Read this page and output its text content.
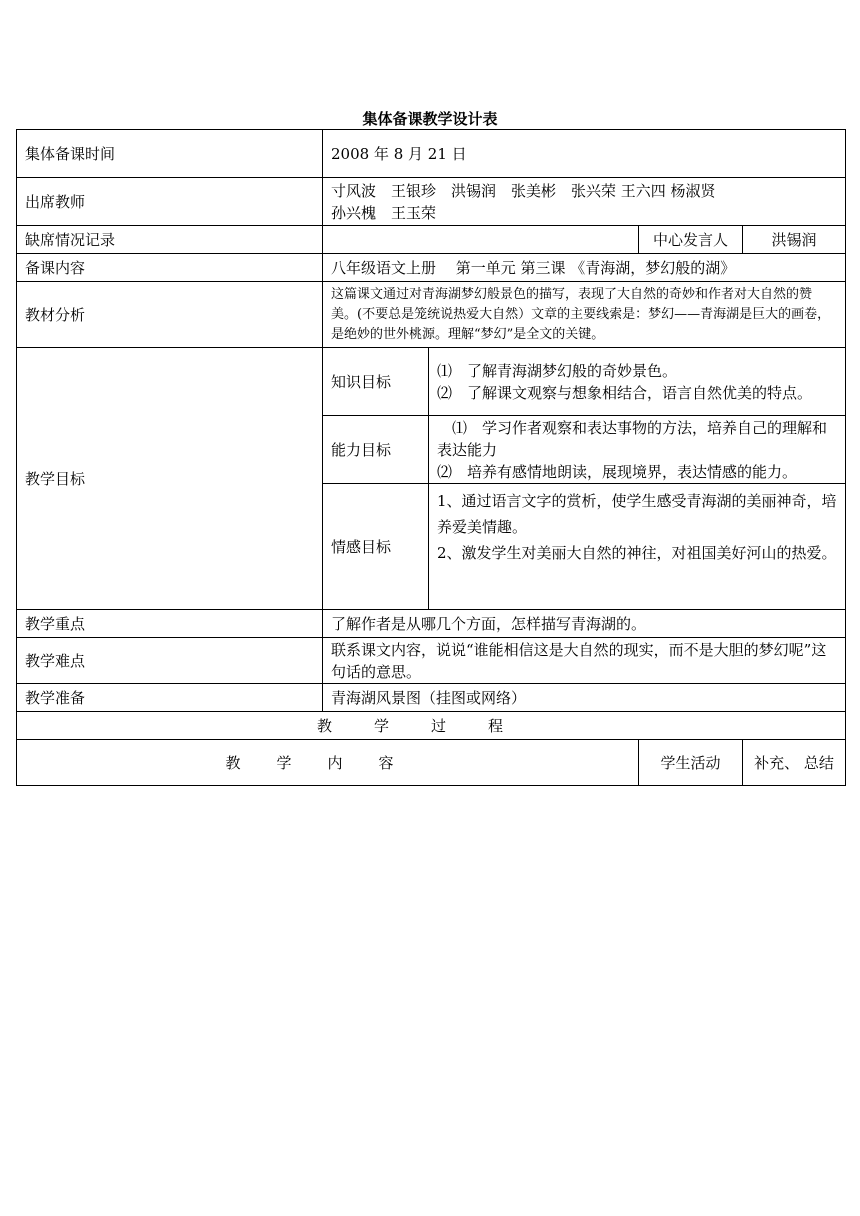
集体备课教学设计表
集体备课时间	2008 年 8 月 21 日			
出席教师	寸风波　王银珍　洪锡润　张美彬　张兴荣 王六四 杨淑贤
孙兴槐　王玉荣			

缺席情况记录			中心发言人	洪锡润
备课内容	八年级语文上册　 第一单元 第三课 《青海湖，梦幻般的湖》			
教材分析	这篇课文通过对青海湖梦幻般景色的描写，表现了大自然的奇妙和作者对大自然的赞美。(不要总是笼统说热爱大自然）文章的主要线索是：梦幻——青海湖是巨大的画卷，是绝妙的世外桃源。理解“梦幻”是全文的关键。			
教学目标	知识目标	⑴　了解青海湖梦幻般的奇妙景色。
⑵　了解课文观察与想象相结合，语言自然优美的特点。		

	能力目标	　⑴　学习作者观察和表达事物的方法，培养自己的理解和表达能力
⑵　培养有感情地朗读，展现境界，表达情感的能力。		

	情感目标	1、通过语言文字的赏析，使学生感受青海湖的美丽神奇，培养爱美情趣。
2、激发学生对美丽大自然的神往，对祖国美好河山的热爱。		

教学重点	了解作者是从哪几个方面，怎样描写青海湖的。			
教学难点	联系课文内容，说说“谁能相信这是大自然的现实，而不是大胆的梦幻呢”这句话的意思。			
教学准备	青海湖风景图（挂图或网络）			
教学过程				
教学内容			学生活动	补充、 总结
